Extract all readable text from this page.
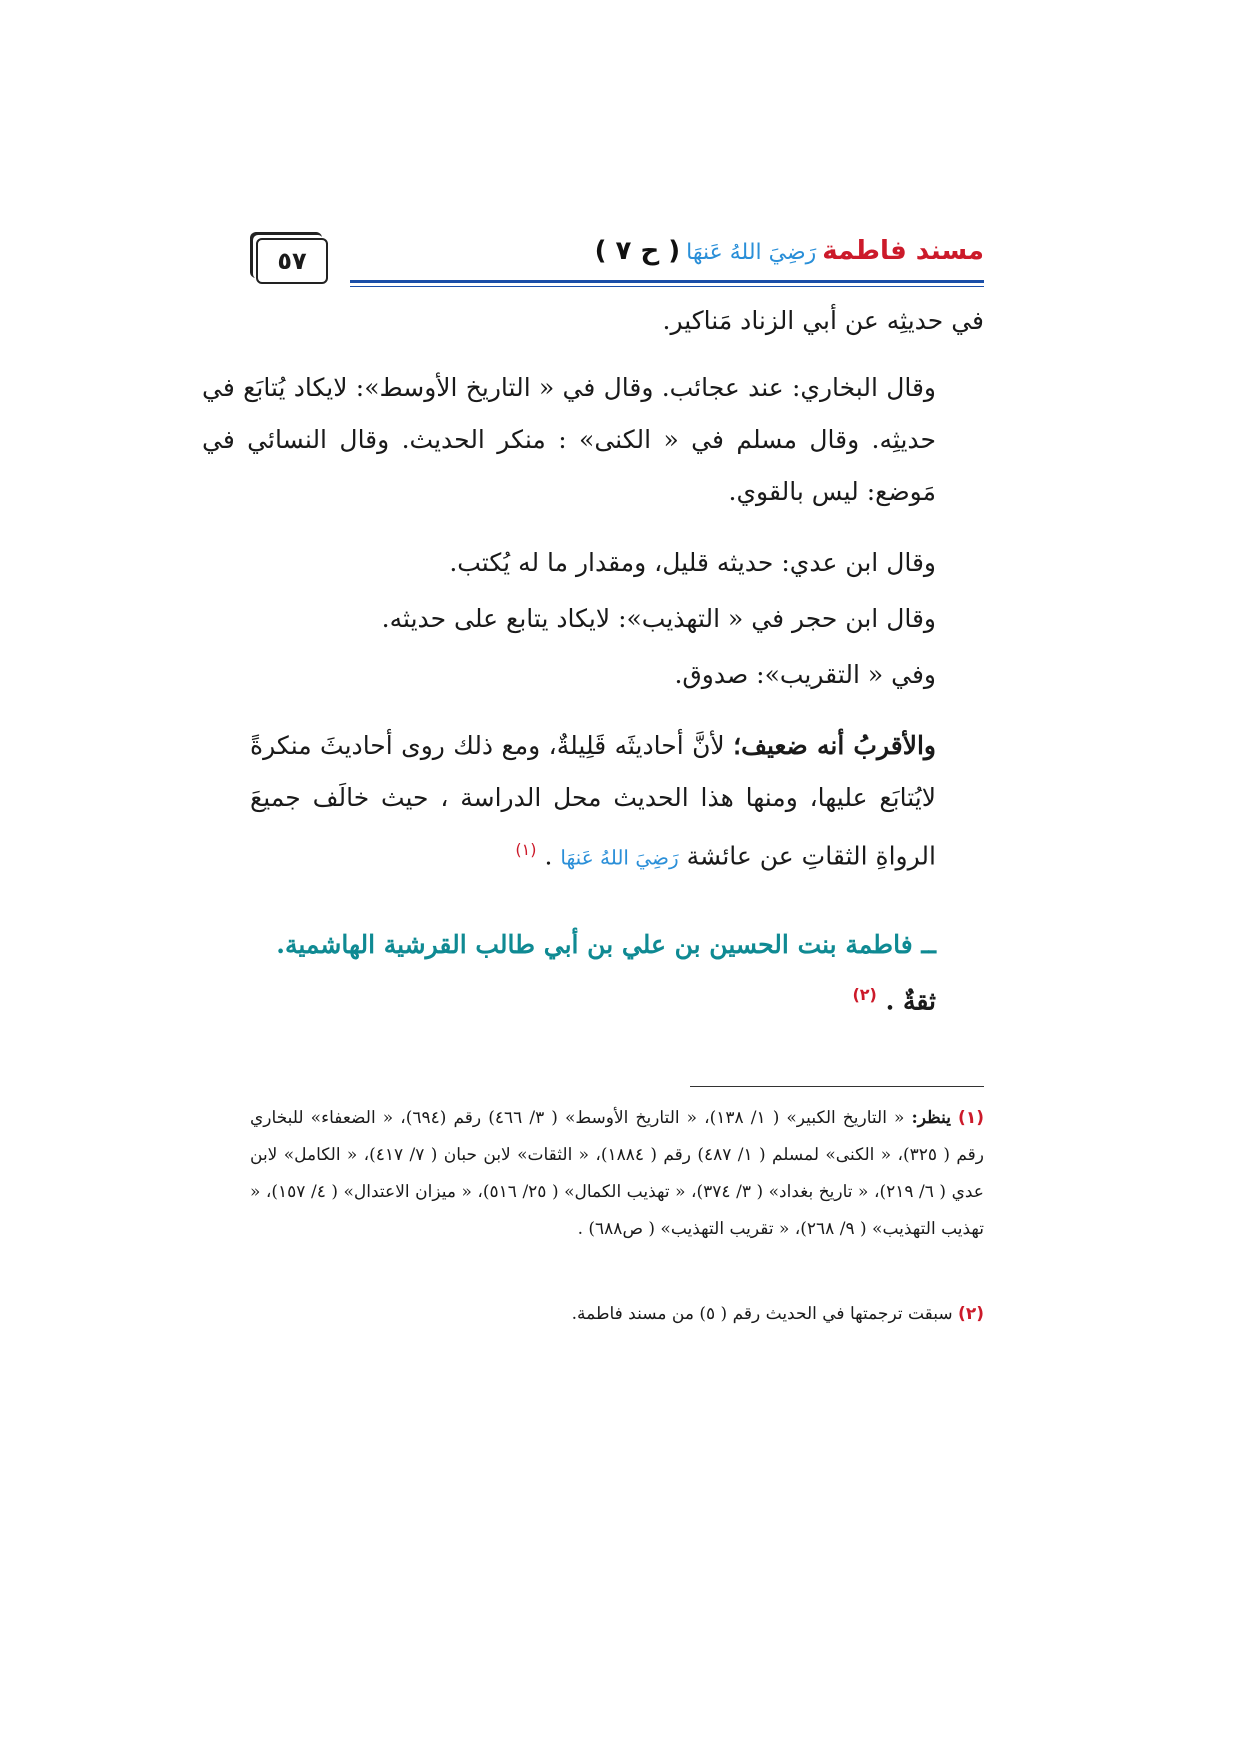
٥٧	مسند فاطمةرَضِيَ اللهُ عَنهَا( ح ٧ )
في حديثِه عن أبي الزناد مَناكير.
وقال البخاري: عند عجائب. وقال في « التاريخ الأوسط»: لايكاد يُتابَع في حديثِه. وقال مسلم في « الكنى» : منكر الحديث. وقال النسائي في مَوضع: ليس بالقوي.
وقال ابن عدي: حديثه قليل، ومقدار ما له يُكتب.
وقال ابن حجر في « التهذيب»: لايكاد يتابع على حديثه.
وفي « التقريب»: صدوق.
والأقربُ أنه ضعيف؛ لأنَّ أحاديثَه قَلِيلةٌ، ومع ذلك روى أحاديثَ منكرةً لايُتابَع عليها، ومنها هذا الحديث محل الدراسة ، حيث خالَف جميعَ الرواةِ الثقاتِ عن عائشة رَضِيَ اللهُ عَنهَا . $^{(١)}$
ــ فاطمة بنت الحسين بن علي بن أبي طالب القرشية الهاشمية.
ثقةٌ . $^{(٢)}$
(١) ينظر: « التاريخ الكبير» ( ١/ ١٣٨)، « التاريخ الأوسط» ( ٣/ ٤٦٦) رقم (٦٩٤)، « الضعفاء» للبخاري رقم ( ٣٢٥)، « الكنى» لمسلم ( ١/ ٤٨٧) رقم ( ١٨٨٤)، « الثقات» لابن حبان ( ٧/ ٤١٧)، « الكامل» لابن عدي ( ٦/ ٢١٩)، « تاريخ بغداد» ( ٣/ ٣٧٤)، « تهذيب الكمال» ( ٢٥/ ٥١٦)، « ميزان الاعتدال» ( ٤/ ١٥٧)، « تهذيب التهذيب» ( ٩/ ٢٦٨)، « تقريب التهذيب» ( ص٦٨٨) .
(٢) سبقت ترجمتها في الحديث رقم ( ٥) من مسند فاطمة.
